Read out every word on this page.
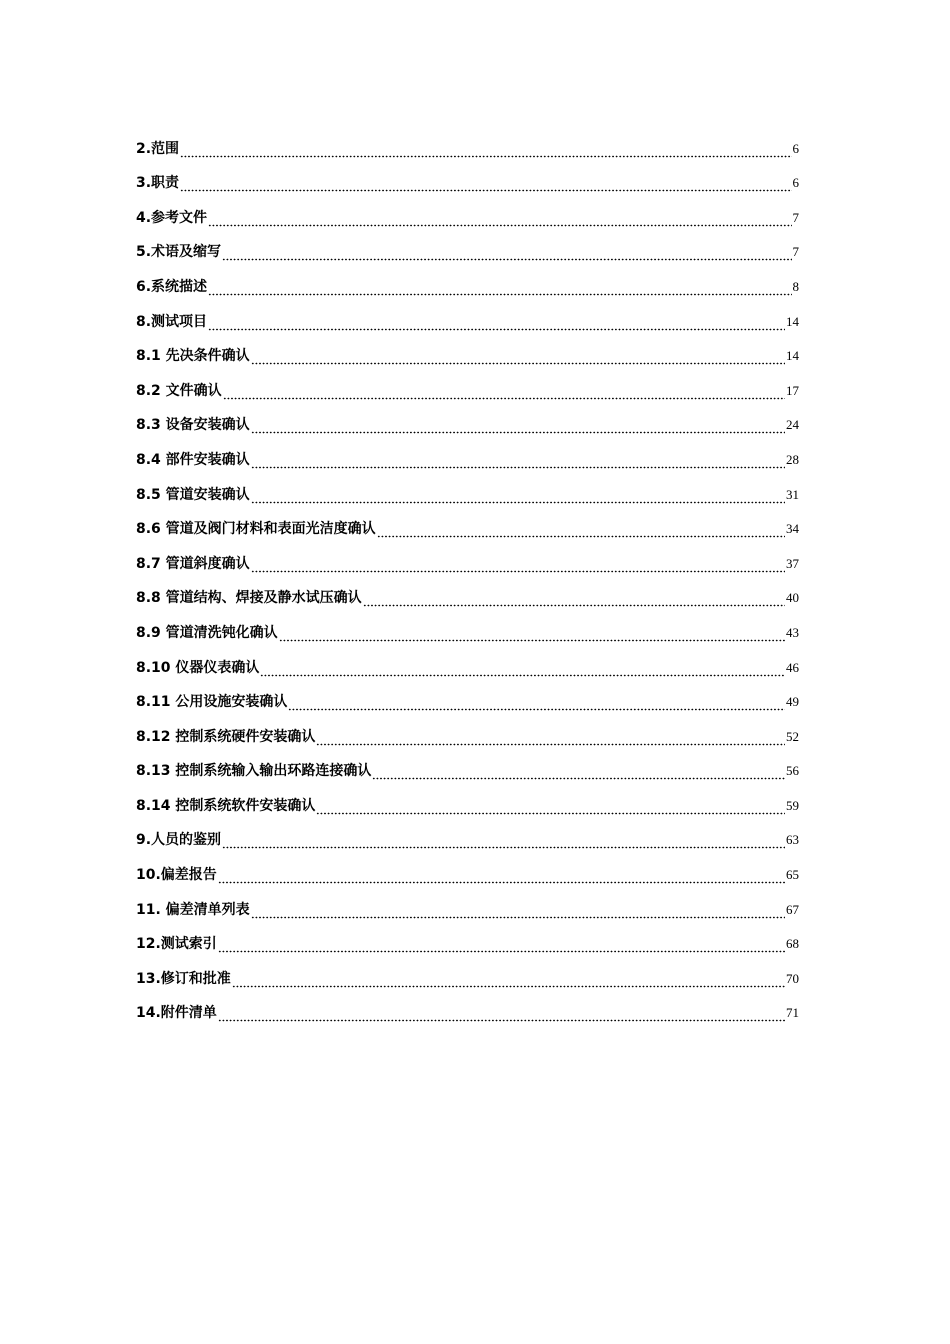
2.范围	6
3.职责	6
4.参考文件	7
5.术语及缩写	7
6.系统描述	8
8.测试项目	14
8.1 先决条件确认	14
8.2 文件确认	17
8.3 设备安装确认	24
8.4 部件安装确认	28
8.5 管道安装确认	31
8.6 管道及阀门材料和表面光洁度确认	34
8.7 管道斜度确认	37
8.8 管道结构、焊接及静水试压确认	40
8.9 管道清洗钝化确认	43
8.10 仪器仪表确认	46
8.11 公用设施安装确认	49
8.12 控制系统硬件安装确认	52
8.13 控制系统输入输出环路连接确认	56
8.14 控制系统软件安装确认	59
9.人员的鉴别	63
10.偏差报告	65
11. 偏差清单列表	67
12.测试索引	68
13.修订和批准	70
14.附件清单	71
